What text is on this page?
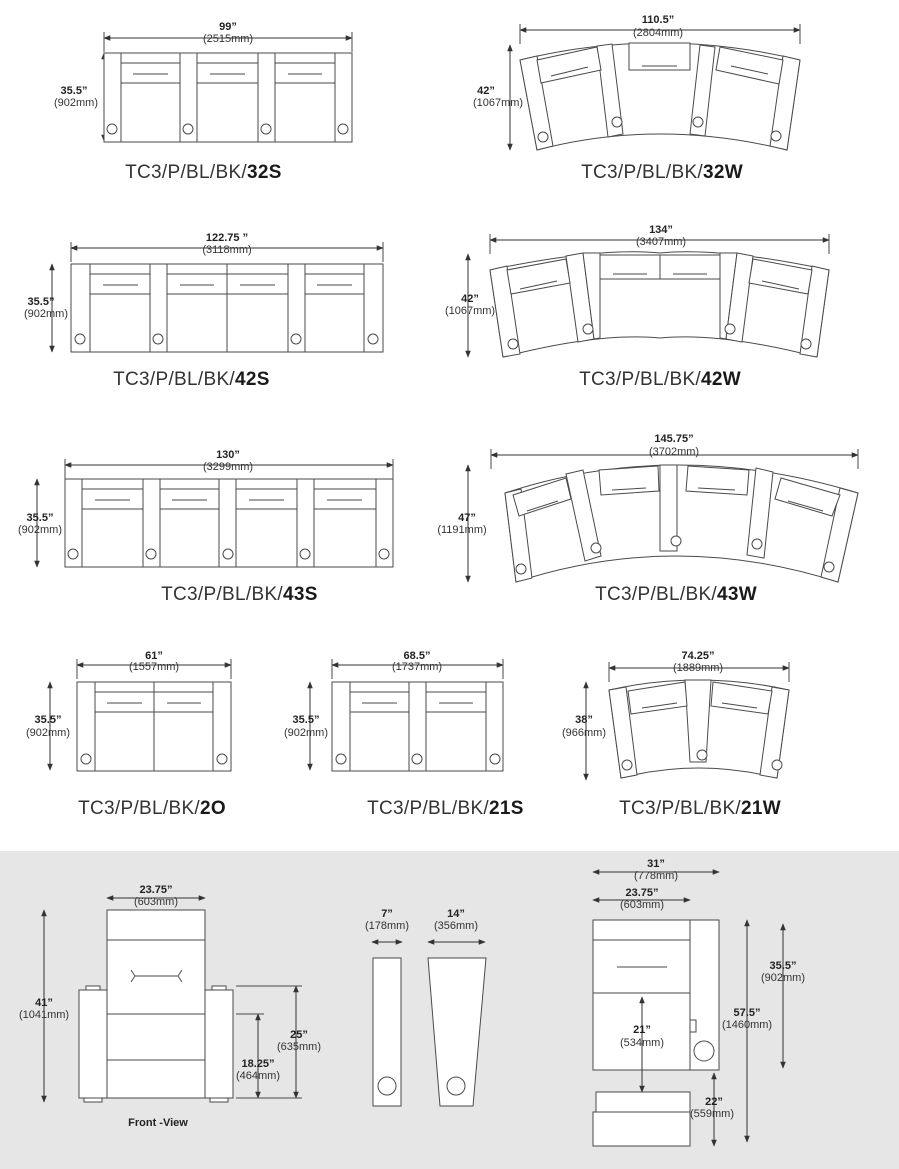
99”
(2515mm)
35.5”
(902mm)
TC3/P/BL/BK/ 32S
110.5”
(2804mm)
42”
(1067mm)
TC3/P/BL/BK/ 32W
122.75 ”
(3118mm)
35.5”
(902mm)
TC3/P/BL/BK/ 42S
134”
(3407mm)
42”
(1067mm)
TC3/P/BL/BK/ 42W
130”
(3299mm)
35.5”
(902mm)
TC3/P/BL/BK/ 43S
145.75”
(3702mm)
47”
(1191mm)
TC3/P/BL/BK/ 43W
61”
(1557mm)
35.5”
(902mm)
TC3/P/BL/BK/ 2O
68.5”
(1737mm)
35.5”
(902mm)
TC3/P/BL/BK/ 21S
74.25”
(1889mm)
38”
(966mm)
TC3/P/BL/BK/ 21W
23.75”
(603mm)
41”
(1041mm)
25”
(635mm)
18.25”
(464mm)
Front -View
7”
(178mm)
14”
(356mm)
31”
(778mm)
23.75”
(603mm)
35.5”
(902mm)
57.5”
(1460mm)
21”
(534mm)
22”
(559mm)
